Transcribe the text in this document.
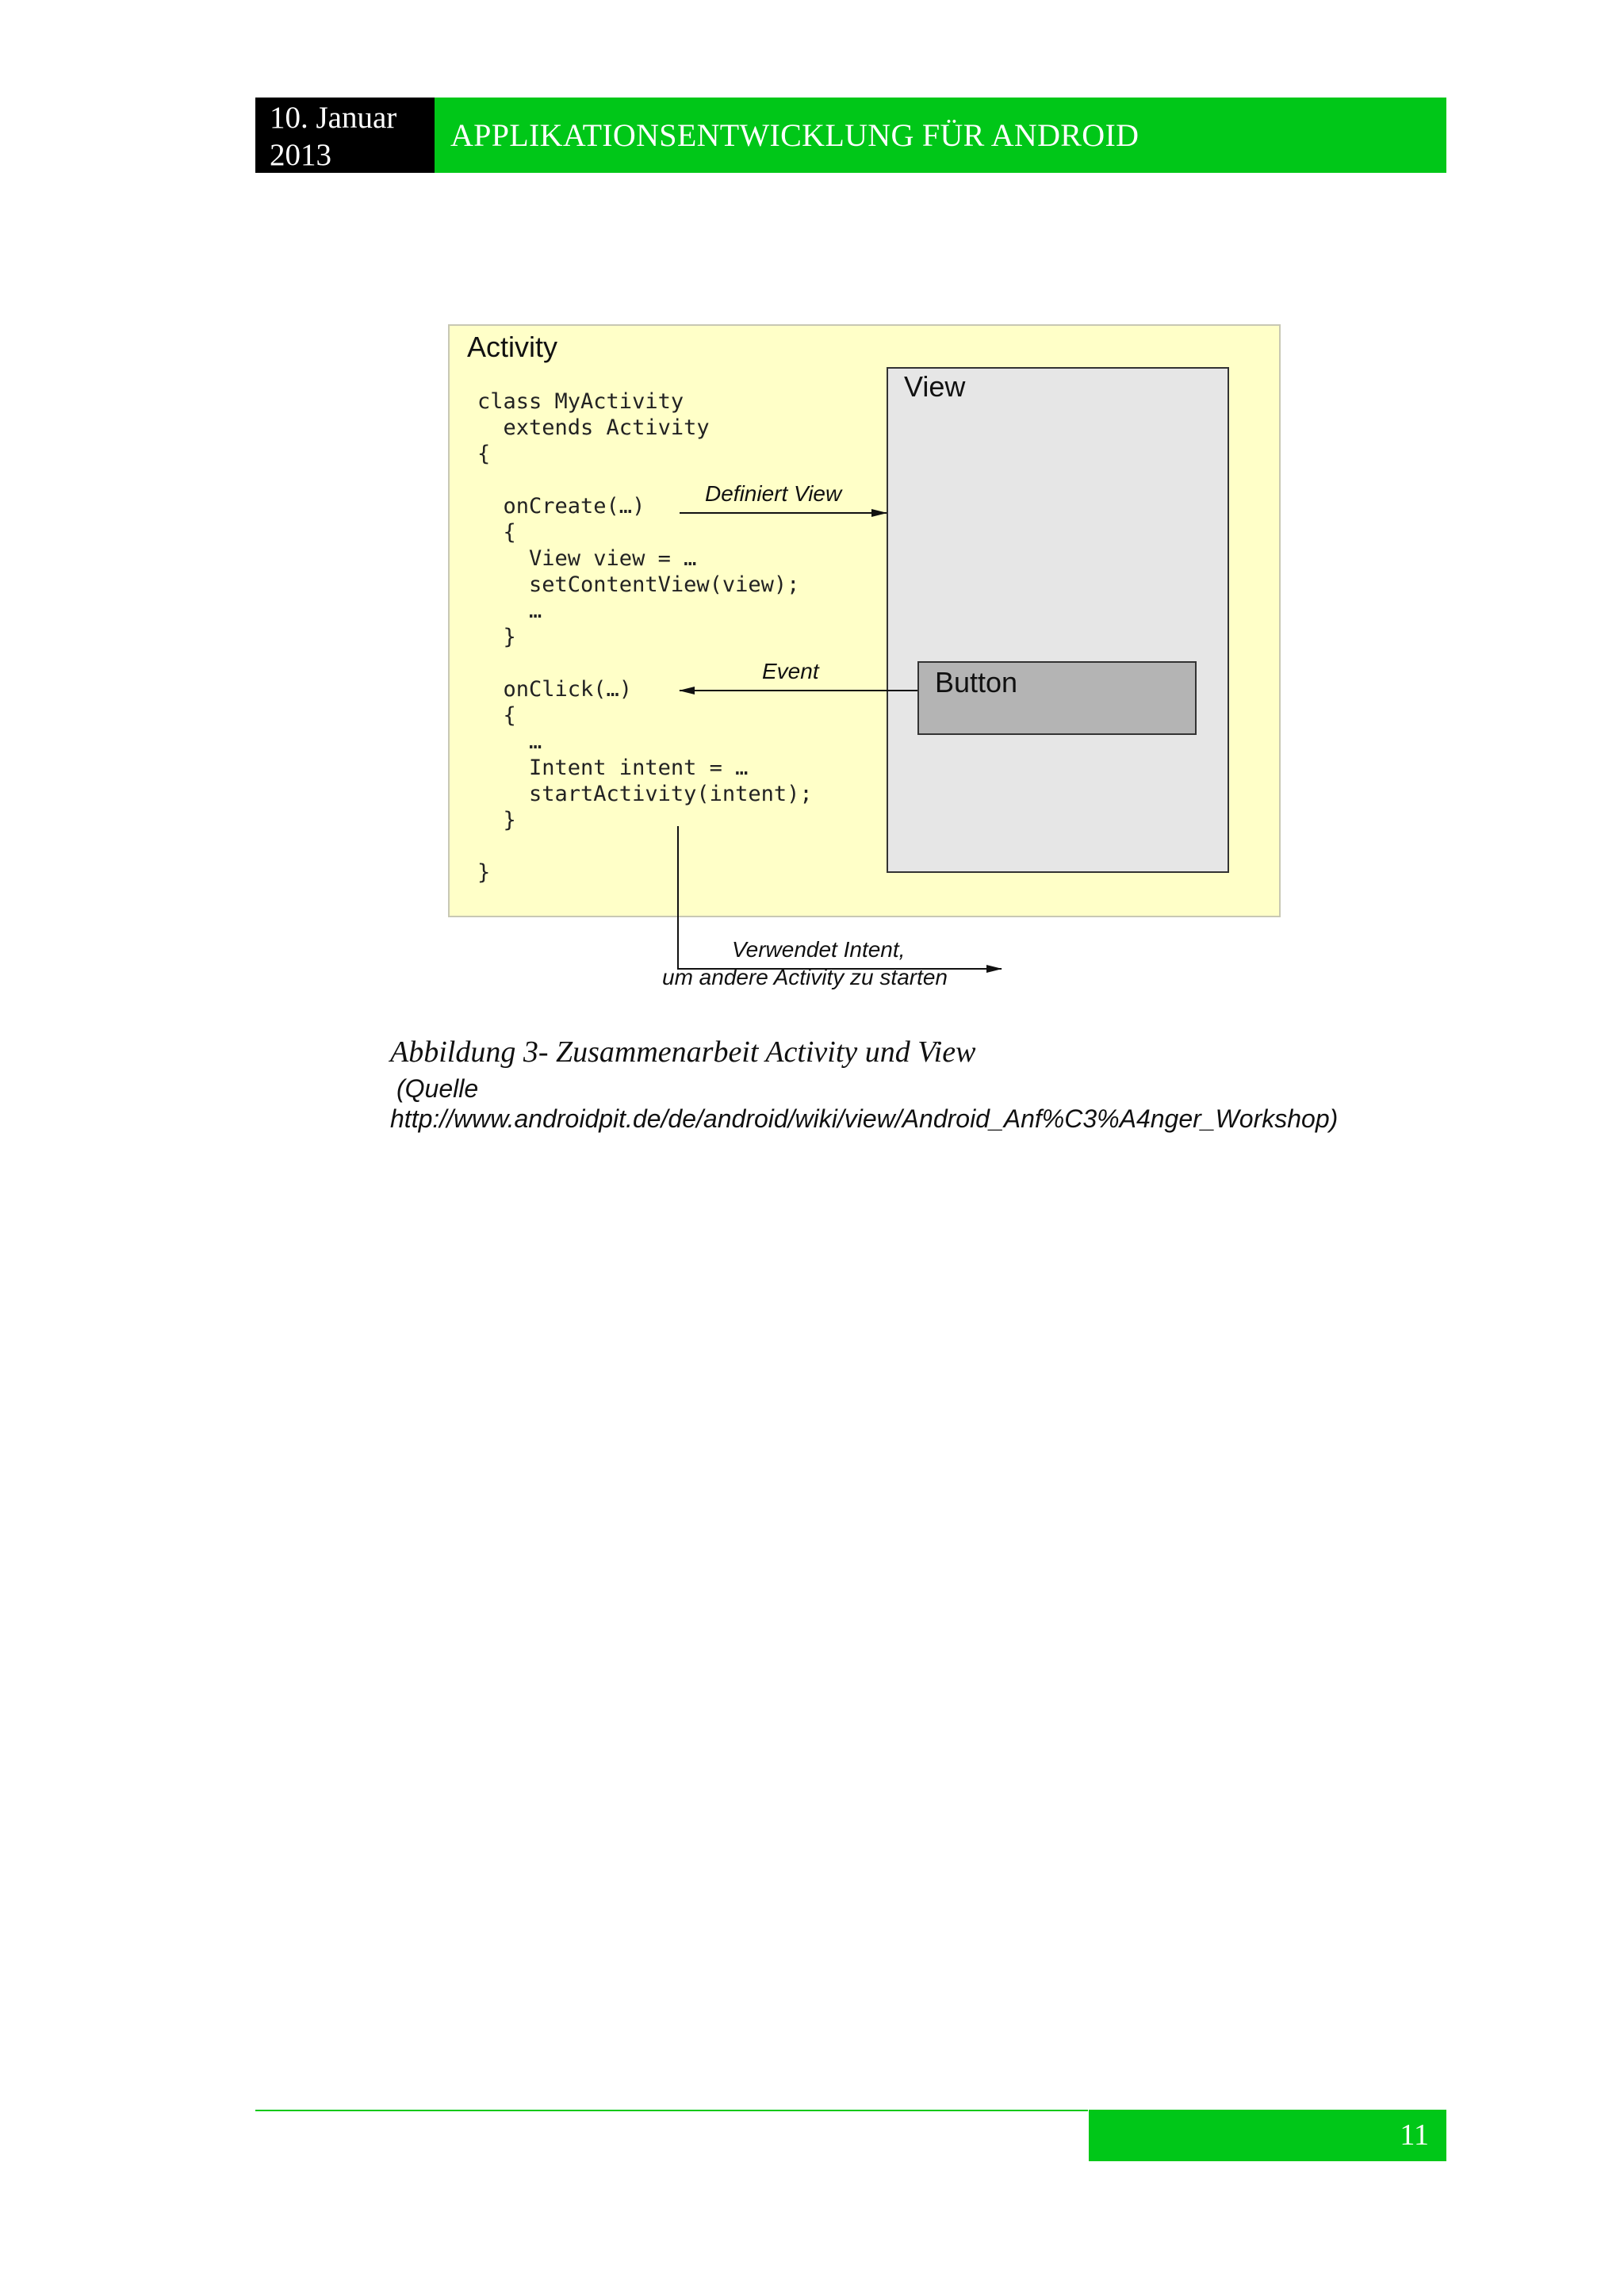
10. Januar
2013
APPLIKATIONSENTWICKLUNG FÜR ANDROID
Activity
class MyActivity
extends Activity
{
onCreate(…)
{
View view = …
setContentView(view);
…
}
onClick(…)
{
…
Intent intent = …
startActivity(intent);
}
}
View
Button
Definiert View
Event
Verwendet Intent,
um andere Activity zu starten
Abbildung 3- Zusammenarbeit Activity und View
(Quelle
http://www.androidpit.de/de/android/wiki/view/Android_Anf%C3%A4nger_Workshop)
11
